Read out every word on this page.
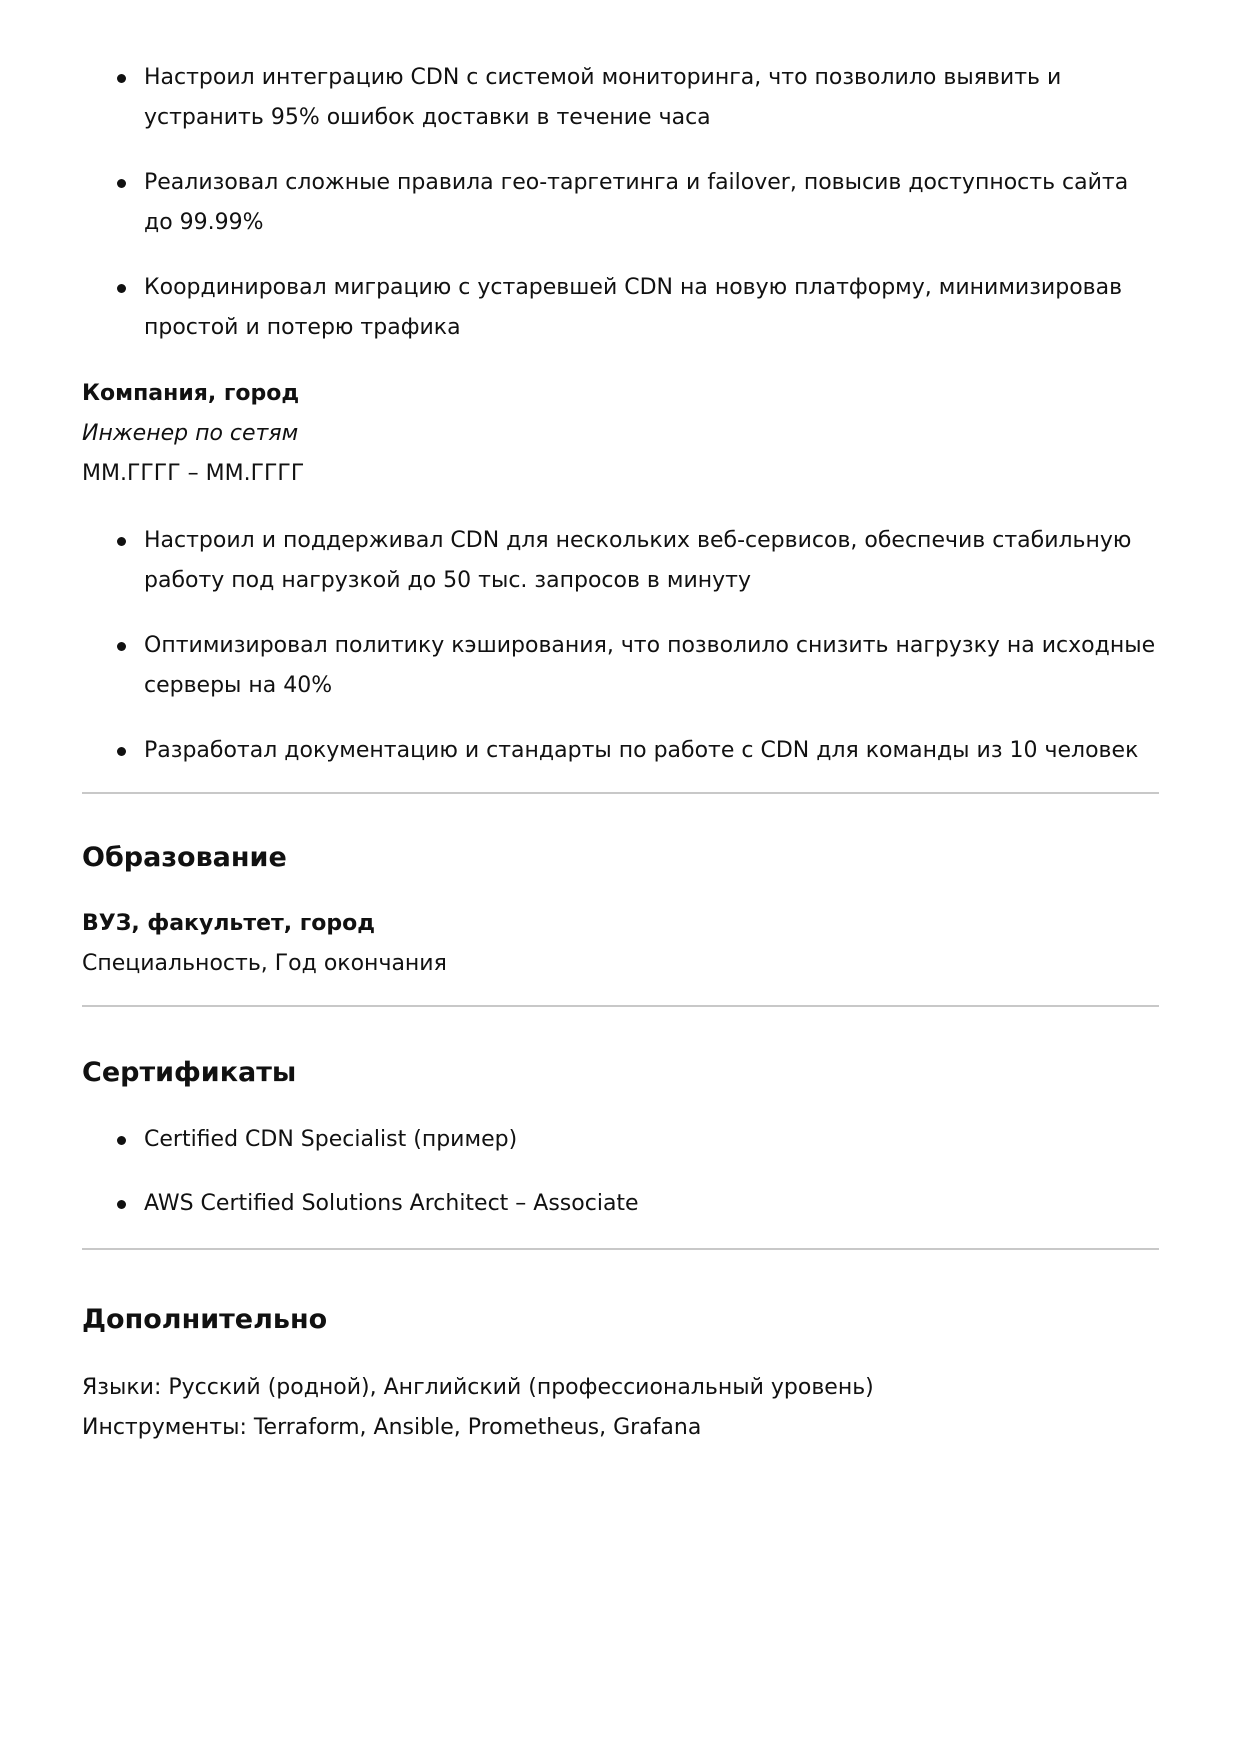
Настроил интеграцию CDN с системой мониторинга, что позволило выявить и устранить 95% ошибок доставки в течение часа
Реализовал сложные правила гео-таргетинга и failover, повысив доступность сайта до 99.99%
Координировал миграцию с устаревшей CDN на новую платформу, минимизировав простой и потерю трафика
Компания, город
Инженер по сетям
ММ.ГГГГ – ММ.ГГГГ
Настроил и поддерживал CDN для нескольких веб-сервисов, обеспечив стабильную работу под нагрузкой до 50 тыс. запросов в минуту
Оптимизировал политику кэширования, что позволило снизить нагрузку на исходные серверы на 40%
Разработал документацию и стандарты по работе с CDN для команды из 10 человек
Образование
ВУЗ, факультет, город
Специальность, Год окончания
Сертификаты
Certified CDN Specialist (пример)
AWS Certified Solutions Architect – Associate
Дополнительно
Языки: Русский (родной), Английский (профессиональный уровень)
Инструменты: Terraform, Ansible, Prometheus, Grafana
